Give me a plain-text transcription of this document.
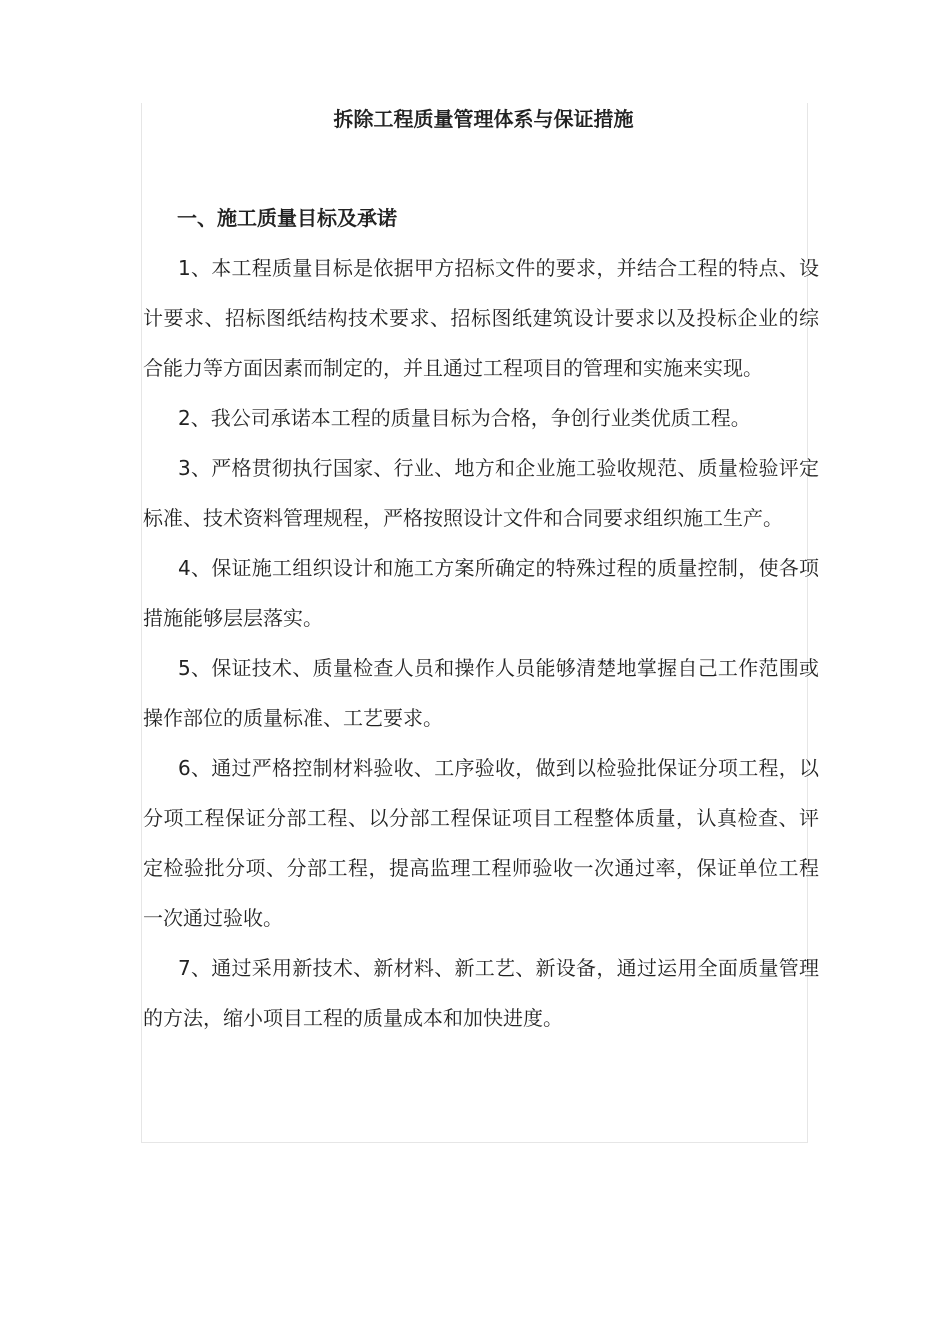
拆除工程质量管理体系与保证措施
一、施工质量目标及承诺

1、本工程质量目标是依据甲方招标文件的要求，并结合工程的特点、设计要求、招标图纸结构技术要求、招标图纸建筑设计要求以及投标企业的综合能力等方面因素而制定的，并且通过工程项目的管理和实施来实现。

2、我公司承诺本工程的质量目标为合格，争创行业类优质工程。

3、严格贯彻执行国家、行业、地方和企业施工验收规范、质量检验评定标准、技术资料管理规程，严格按照设计文件和合同要求组织施工生产。

4、保证施工组织设计和施工方案所确定的特殊过程的质量控制，使各项措施能够层层落实。

5、保证技术、质量检查人员和操作人员能够清楚地掌握自己工作范围或操作部位的质量标准、工艺要求。

6、通过严格控制材料验收、工序验收，做到以检验批保证分项工程，以分项工程保证分部工程、以分部工程保证项目工程整体质量，认真检查、评定检验批分项、分部工程，提高监理工程师验收一次通过率，保证单位工程一次通过验收。

7、通过采用新技术、新材料、新工艺、新设备，通过运用全面质量管理的方法，缩小项目工程的质量成本和加快进度。
